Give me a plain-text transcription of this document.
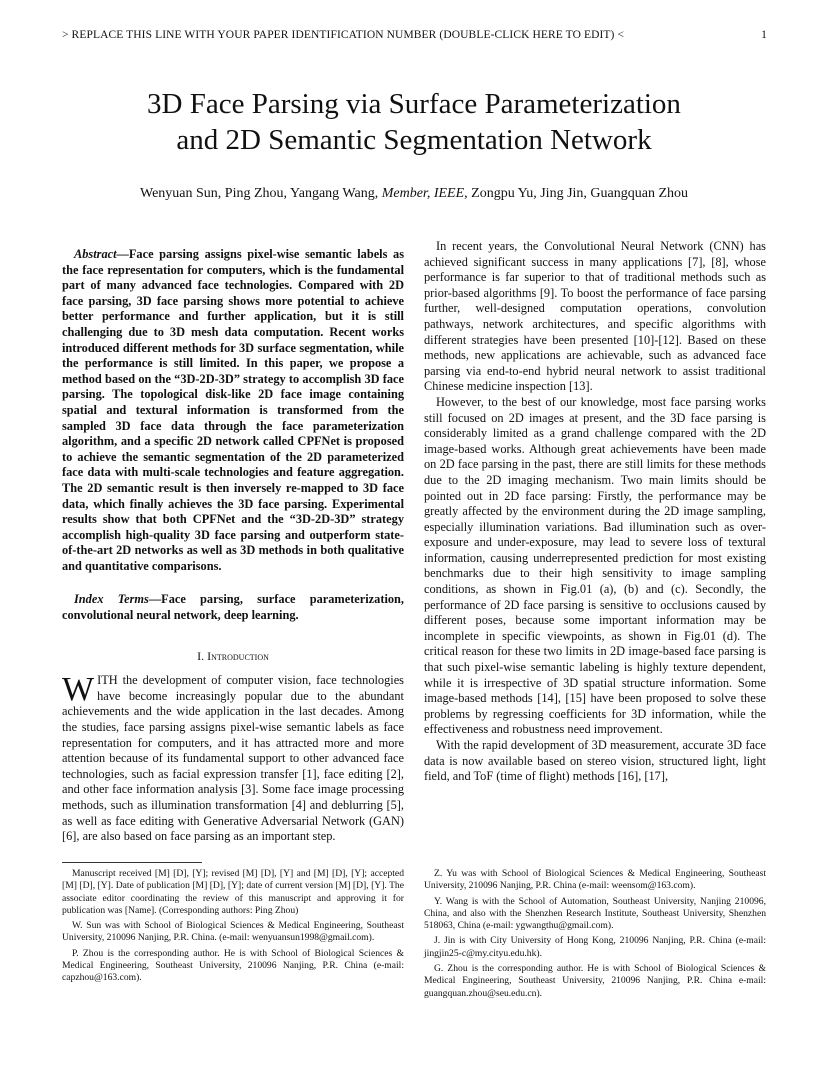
> REPLACE THIS LINE WITH YOUR PAPER IDENTIFICATION NUMBER (DOUBLE-CLICK HERE TO EDIT) <	1
3D Face Parsing via Surface Parameterization
and 2D Semantic Segmentation Network
Wenyuan Sun, Ping Zhou, Yangang Wang, Member, IEEE, Zongpu Yu, Jing Jin, Guangquan Zhou

Abstract—Face parsing assigns pixel-wise semantic labels as the face representation for computers, which is the fundamental part of many advanced face technologies. Compared with 2D face parsing, 3D face parsing shows more potential to achieve better performance and further application, but it is still challenging due to 3D mesh data computation. Recent works introduced different methods for 3D surface segmentation, while the performance is still limited. In this paper, we propose a method based on the “3D-2D-3D” strategy to accomplish 3D face parsing. The topological disk-like 2D face image containing spatial and textural information is transformed from the sampled 3D face data through the face parameterization algorithm, and a specific 2D network called CPFNet is proposed to achieve the semantic segmentation of the 2D parameterized face data with multi-scale technologies and feature aggregation. The 2D semantic result is then inversely re-mapped to 3D face data, which finally achieves the 3D face parsing. Experimental results show that both CPFNet and the “3D-2D-3D” strategy accomplish high-quality 3D face parsing and outperform state-of-the-art 2D networks as well as 3D methods in both qualitative and quantitative comparisons.

Index Terms—Face parsing, surface parameterization, convolutional neural network, deep learning.

I. Introduction

WITH the development of computer vision, face technologies have become increasingly popular due to the abundant achievements and the wide application in the last decades. Among the studies, face parsing assigns pixel-wise semantic labels as face representation for computers, and it has attracted more and more attention because of its fundamental support to other advanced face technologies, such as facial expression transfer [1], face editing [2], and other face information analysis [3]. Some face image processing methods, such as illumination transformation [4] and deblurring [5], as well as face editing with Generative Adversarial Network (GAN) [6], are also based on face parsing as an important step.

Manuscript received [M] [D], [Y]; revised [M] [D], [Y] and [M] [D], [Y]; accepted [M] [D], [Y]. Date of publication [M] [D], [Y]; date of current version [M] [D], [Y]. The associate editor coordinating the review of this manuscript and approving it for publication was [Name]. (Corresponding authors: Ping Zhou)

W. Sun was with School of Biological Sciences & Medical Engineering, Southeast University, 210096 Nanjing, P.R. China. (e-mail: wenyuansun1998@gmail.com).

P. Zhou is the corresponding author. He is with School of Biological Sciences & Medical Engineering, Southeast University, 210096 Nanjing, P.R. China (e-mail: capzhou@163.com).

Z. Yu was with School of Biological Sciences & Medical Engineering, Southeast University, 210096 Nanjing, P.R. China (e-mail: weensom@163.com).

Y. Wang is with the School of Automation, Southeast University, Nanjing 210096, China, and also with the Shenzhen Research Institute, Southeast University, Shenzhen 518063, China (e-mail: ygwangthu@gmail.com).

J. Jin is with City University of Hong Kong, 210096 Nanjing, P.R. China (e-mail: jingjin25-c@my.cityu.edu.hk).

G. Zhou is the corresponding author. He is with School of Biological Sciences & Medical Engineering, Southeast University, 210096 Nanjing, P.R. China e-mail: guangquan.zhou@seu.edu.cn).

In recent years, the Convolutional Neural Network (CNN) has achieved significant success in many applications [7], [8], whose performance is far superior to that of traditional methods such as prior-based algorithms [9]. To boost the performance of face parsing further, well-designed computation operations, convolution pathways, network architectures, and specific algorithms with different strategies have been presented [10]-[12]. Based on these methods, new applications are achievable, such as advanced face parsing via end-to-end hybrid neural network to assist traditional Chinese medicine inspection [13].

However, to the best of our knowledge, most face parsing works still focused on 2D images at present, and the 3D face parsing is considerably limited as a grand challenge compared with the 2D image-based works. Although great achievements have been made on 2D face parsing in the past, there are still limits for these methods due to the 2D imaging mechanism. Two main limits should be pointed out in 2D face parsing: Firstly, the performance may be greatly affected by the environment during the 2D image sampling, especially illumination variations. Bad illumination such as over-exposure and under-exposure, may lead to severe loss of textural information, causing underrepresented prediction for most existing benchmarks due to their high sensitivity to image sampling conditions, as shown in Fig.01 (a), (b) and (c). Secondly, the performance of 2D face parsing is sensitive to occlusions caused by different poses, because some important information may be incomplete in specific viewpoints, as shown in Fig.01 (d). The critical reason for these two limits in 2D image-based face parsing is that such pixel-wise semantic labeling is highly texture dependent, while it is irrespective of 3D spatial structure information. Some image-based methods [14], [15] have been proposed to solve these problems by regressing coefficients for 3D information, while the effectiveness and robustness need improvement.

With the rapid development of 3D measurement, accurate 3D face data is now available based on stereo vision, structured light, light field, and ToF (time of flight) methods [16], [17],
